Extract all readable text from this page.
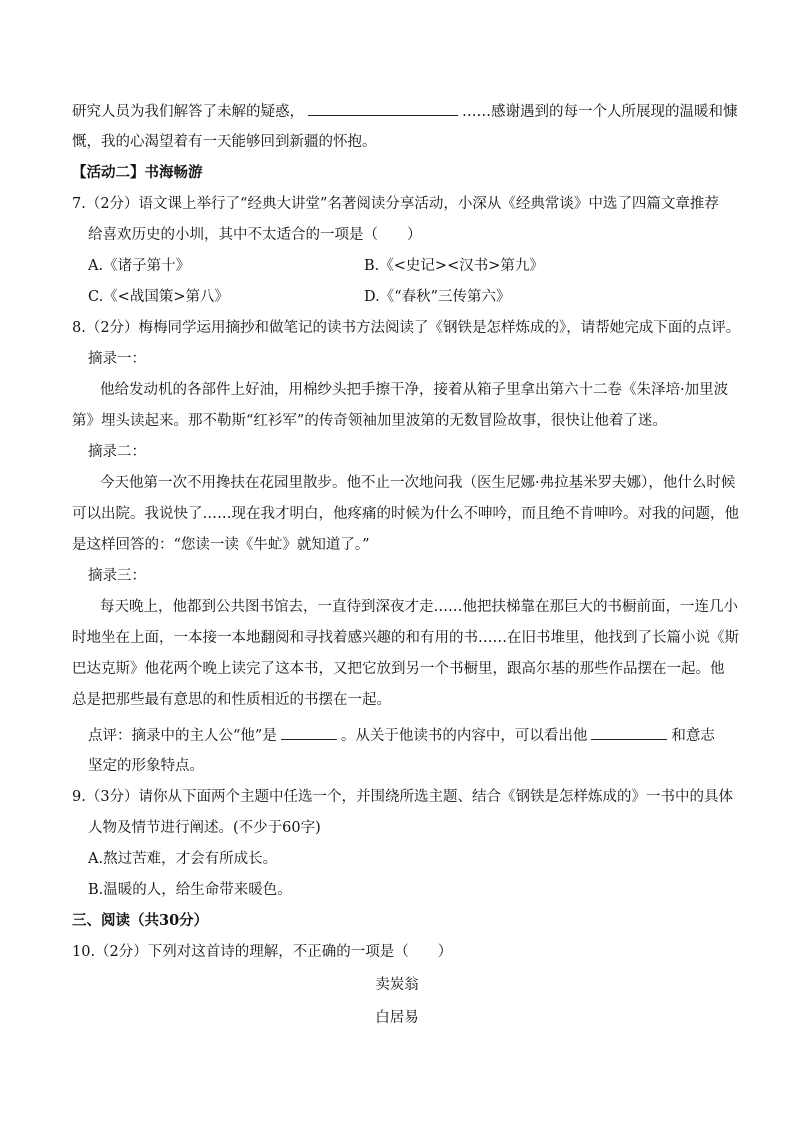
研究人员为我们解答了未解的疑惑，	……感谢遇到的每一个人所展现的温暖和慷
慨，我的心渴望着有一天能够回到新疆的怀抱。
【活动二】书海畅游
7.（2分）语文课上举行了“经典大讲堂”名著阅读分享活动，小深从《经典常谈》中选了四篇文章推荐
给喜欢历史的小圳，其中不太适合的一项是（　　）
A.《诸子第十》	B.《<史记><汉书>第九》
C.《<战国策>第八》	D.《“春秋”三传第六》
8.（2分）梅梅同学运用摘抄和做笔记的读书方法阅读了《钢铁是怎样炼成的》，请帮她完成下面的点评。
摘录一：
他给发动机的各部件上好油，用棉纱头把手擦干净，接着从箱子里拿出第六十二卷《朱泽培·加里波
第》埋头读起来。那不勒斯“红衫军”的传奇领袖加里波第的无数冒险故事，很快让他着了迷。
摘录二：
今天他第一次不用搀扶在花园里散步。他不止一次地问我（医生尼娜·弗拉基米罗夫娜），他什么时候
可以出院。我说快了……现在我才明白，他疼痛的时候为什么不呻吟，而且绝不肯呻吟。对我的问题，他
是这样回答的：“您读一读《牛虻》就知道了。”
摘录三：
每天晚上，他都到公共图书馆去，一直待到深夜才走……他把扶梯靠在那巨大的书橱前面，一连几小
时地坐在上面，一本接一本地翻阅和寻找着感兴趣的和有用的书……在旧书堆里，他找到了长篇小说《斯
巴达克斯》他花两个晚上读完了这本书，又把它放到另一个书橱里，跟高尔基的那些作品摆在一起。他
总是把那些最有意思的和性质相近的书摆在一起。
点评：摘录中的主人公“他”是	。从关于他读书的内容中，可以看出他	和意志
坚定的形象特点。
9.（3分）请你从下面两个主题中任选一个，并围绕所选主题、结合《钢铁是怎样炼成的》一书中的具体
人物及情节进行阐述。(不少于60字)
A.熬过苦难，才会有所成长。
B.温暖的人，给生命带来暖色。
三、阅读（共30分）
10.（2分）下列对这首诗的理解，不正确的一项是（　　）
卖炭翁
白居易
